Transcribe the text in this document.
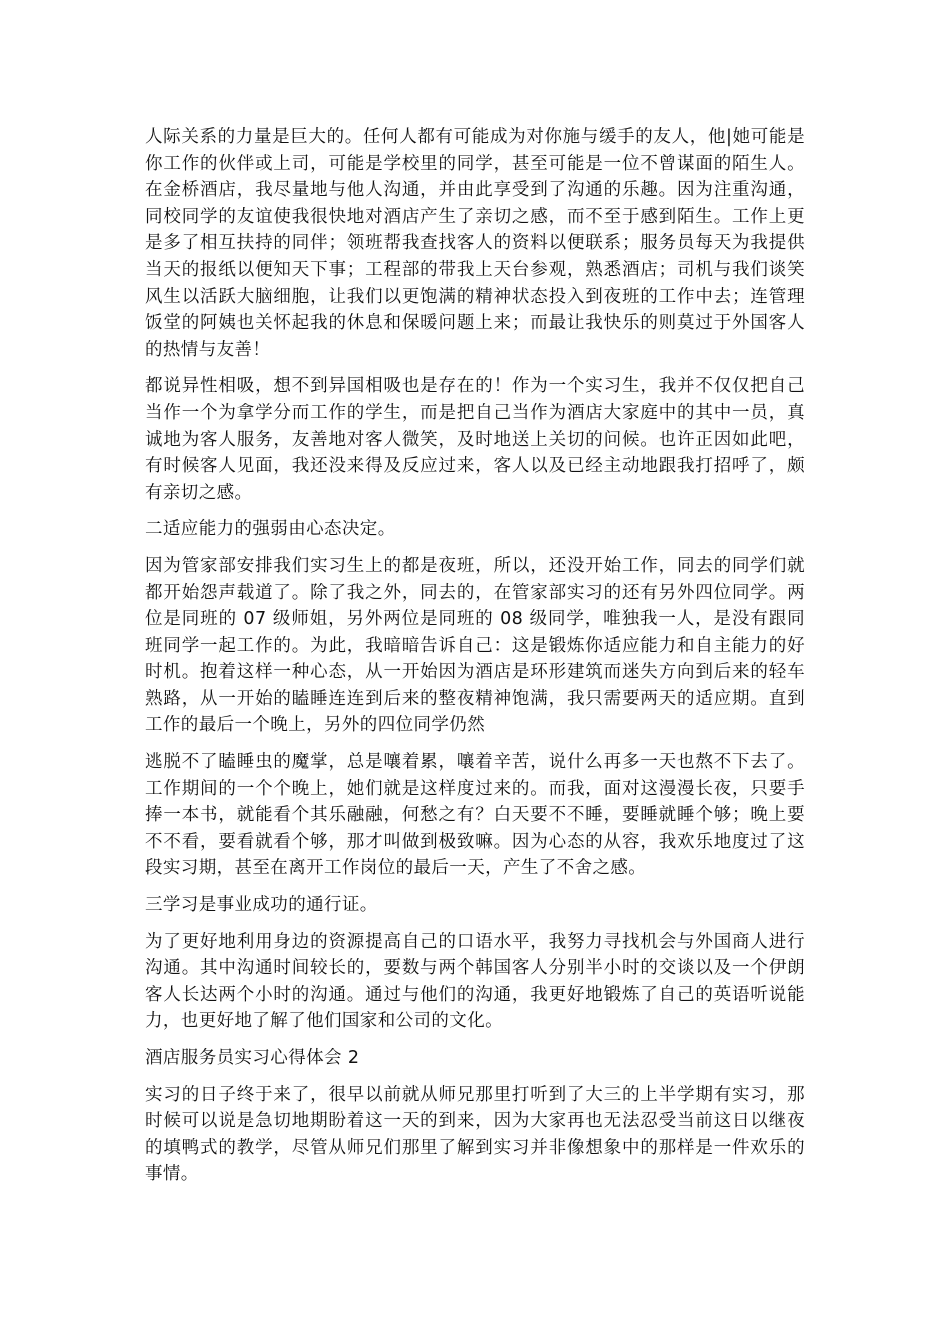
人际关系的力量是巨大的。任何人都有可能成为对你施与缓手的友人，他|她可能是你工作的伙伴或上司，可能是学校里的同学，甚至可能是一位不曾谋面的陌生人。在金桥酒店，我尽量地与他人沟通，并由此享受到了沟通的乐趣。因为注重沟通，同校同学的友谊使我很快地对酒店产生了亲切之感，而不至于感到陌生。工作上更是多了相互扶持的同伴；领班帮我查找客人的资料以便联系；服务员每天为我提供当天的报纸以便知天下事；工程部的带我上天台参观，熟悉酒店；司机与我们谈笑风生以活跃大脑细胞，让我们以更饱满的精神状态投入到夜班的工作中去；连管理饭堂的阿姨也关怀起我的休息和保暖问题上来；而最让我快乐的则莫过于外国客人的热情与友善！

都说异性相吸，想不到异国相吸也是存在的！作为一个实习生，我并不仅仅把自己当作一个为拿学分而工作的学生，而是把自己当作为酒店大家庭中的其中一员，真诚地为客人服务，友善地对客人微笑，及时地送上关切的问候。也许正因如此吧，有时候客人见面，我还没来得及反应过来，客人以及已经主动地跟我打招呼了，颇有亲切之感。

二适应能力的强弱由心态决定。

因为管家部安排我们实习生上的都是夜班，所以，还没开始工作，同去的同学们就都开始怨声载道了。除了我之外，同去的，在管家部实习的还有另外四位同学。两位是同班的 07 级师姐，另外两位是同班的 08 级同学，唯独我一人，是没有跟同班同学一起工作的。为此，我暗暗告诉自己：这是锻炼你适应能力和自主能力的好时机。抱着这样一种心态，从一开始因为酒店是环形建筑而迷失方向到后来的轻车熟路，从一开始的瞌睡连连到后来的整夜精神饱满，我只需要两天的适应期。直到工作的最后一个晚上，另外的四位同学仍然

逃脱不了瞌睡虫的魔掌，总是嚷着累，嚷着辛苦，说什么再多一天也熬不下去了。工作期间的一个个晚上，她们就是这样度过来的。而我，面对这漫漫长夜，只要手捧一本书，就能看个其乐融融，何愁之有？白天要不不睡，要睡就睡个够；晚上要不不看，要看就看个够，那才叫做到极致嘛。因为心态的从容，我欢乐地度过了这段实习期，甚至在离开工作岗位的最后一天，产生了不舍之感。

三学习是事业成功的通行证。

为了更好地利用身边的资源提高自己的口语水平，我努力寻找机会与外国商人进行沟通。其中沟通时间较长的，要数与两个韩国客人分别半小时的交谈以及一个伊朗客人长达两个小时的沟通。通过与他们的沟通，我更好地锻炼了自己的英语听说能力，也更好地了解了他们国家和公司的文化。

酒店服务员实习心得体会 2

实习的日子终于来了，很早以前就从师兄那里打听到了大三的上半学期有实习，那时候可以说是急切地期盼着这一天的到来，因为大家再也无法忍受当前这日以继夜的填鸭式的教学，尽管从师兄们那里了解到实习并非像想象中的那样是一件欢乐的事情。
